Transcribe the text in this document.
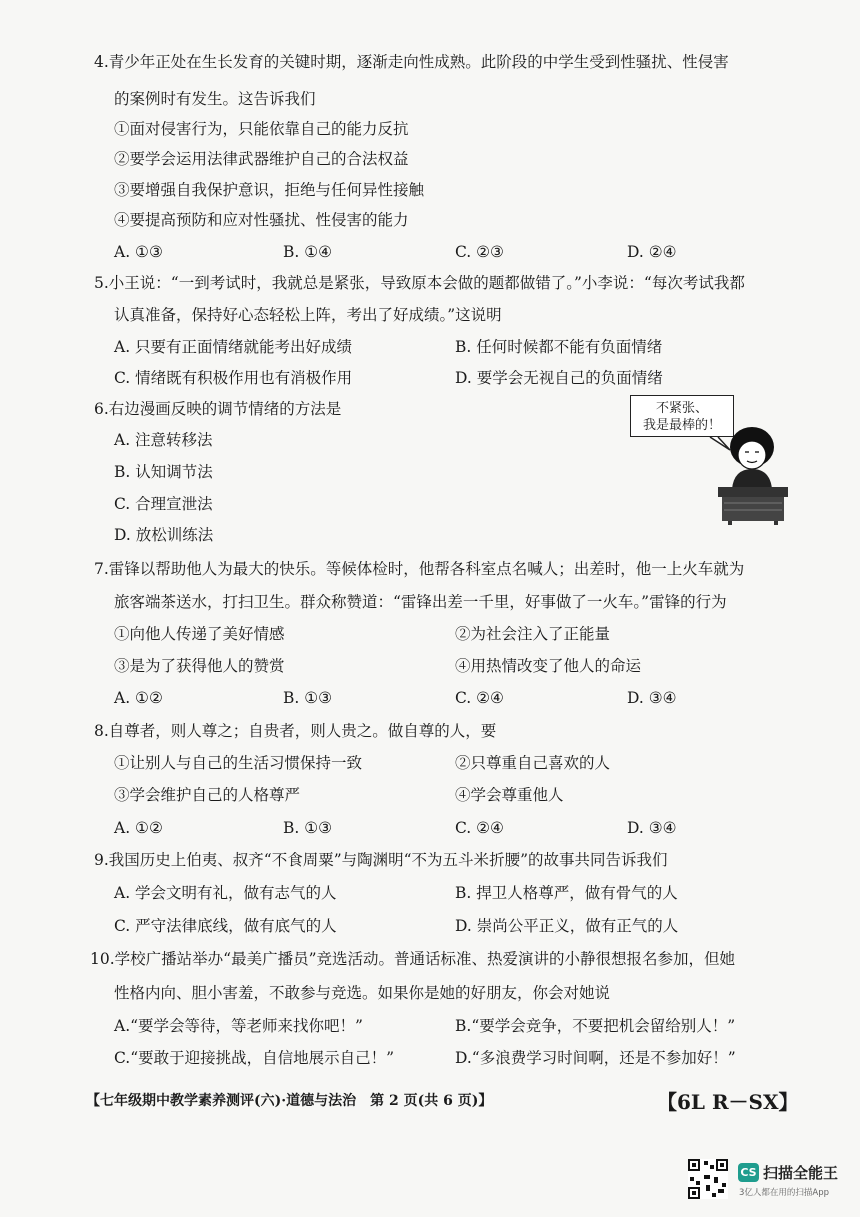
4.青少年正处在生长发育的关键时期，逐渐走向性成熟。此阶段的中学生受到性骚扰、性侵害
的案例时有发生。这告诉我们
①面对侵害行为，只能依靠自己的能力反抗
②要学会运用法律武器维护自己的合法权益
③要增强自我保护意识，拒绝与任何异性接触
④要提高预防和应对性骚扰、性侵害的能力
A. ①③	B. ①④	C. ②③	D. ②④
5.小王说：“一到考试时，我就总是紧张，导致原本会做的题都做错了。”小李说：“每次考试我都
认真准备，保持好心态轻松上阵，考出了好成绩。”这说明
A. 只要有正面情绪就能考出好成绩	B. 任何时候都不能有负面情绪
C. 情绪既有积极作用也有消极作用	D. 要学会无视自己的负面情绪
6.右边漫画反映的调节情绪的方法是
A. 注意转移法
B. 认知调节法
C. 合理宣泄法
D. 放松训练法
不紧张、
我是最棒的！
7.雷锋以帮助他人为最大的快乐。等候体检时，他帮各科室点名喊人；出差时，他一上火车就为
旅客端茶送水，打扫卫生。群众称赞道：“雷锋出差一千里，好事做了一火车。”雷锋的行为
①向他人传递了美好情感	②为社会注入了正能量
③是为了获得他人的赞赏	④用热情改变了他人的命运
A. ①②	B. ①③	C. ②④	D. ③④
8.自尊者，则人尊之；自贵者，则人贵之。做自尊的人，要
①让别人与自己的生活习惯保持一致	②只尊重自己喜欢的人
③学会维护自己的人格尊严	④学会尊重他人
A. ①②	B. ①③	C. ②④	D. ③④
9.我国历史上伯夷、叔齐“不食周粟”与陶渊明“不为五斗米折腰”的故事共同告诉我们
A. 学会文明有礼，做有志气的人	B. 捍卫人格尊严，做有骨气的人
C. 严守法律底线，做有底气的人	D. 崇尚公平正义，做有正气的人
10.学校广播站举办“最美广播员”竞选活动。普通话标准、热爱演讲的小静很想报名参加，但她
性格内向、胆小害羞，不敢参与竞选。如果你是她的好朋友，你会对她说
A.“要学会等待，等老师来找你吧！”	B.“要学会竞争，不要把机会留给别人！”
C.“要敢于迎接挑战，自信地展示自己！”	D.“多浪费学习时间啊，还是不参加好！”
【七年级期中教学素养测评(六)·道德与法治　第 2 页(共 6 页)】	【6L R－SX】
CS 扫描全能王
3亿人都在用的扫描App
